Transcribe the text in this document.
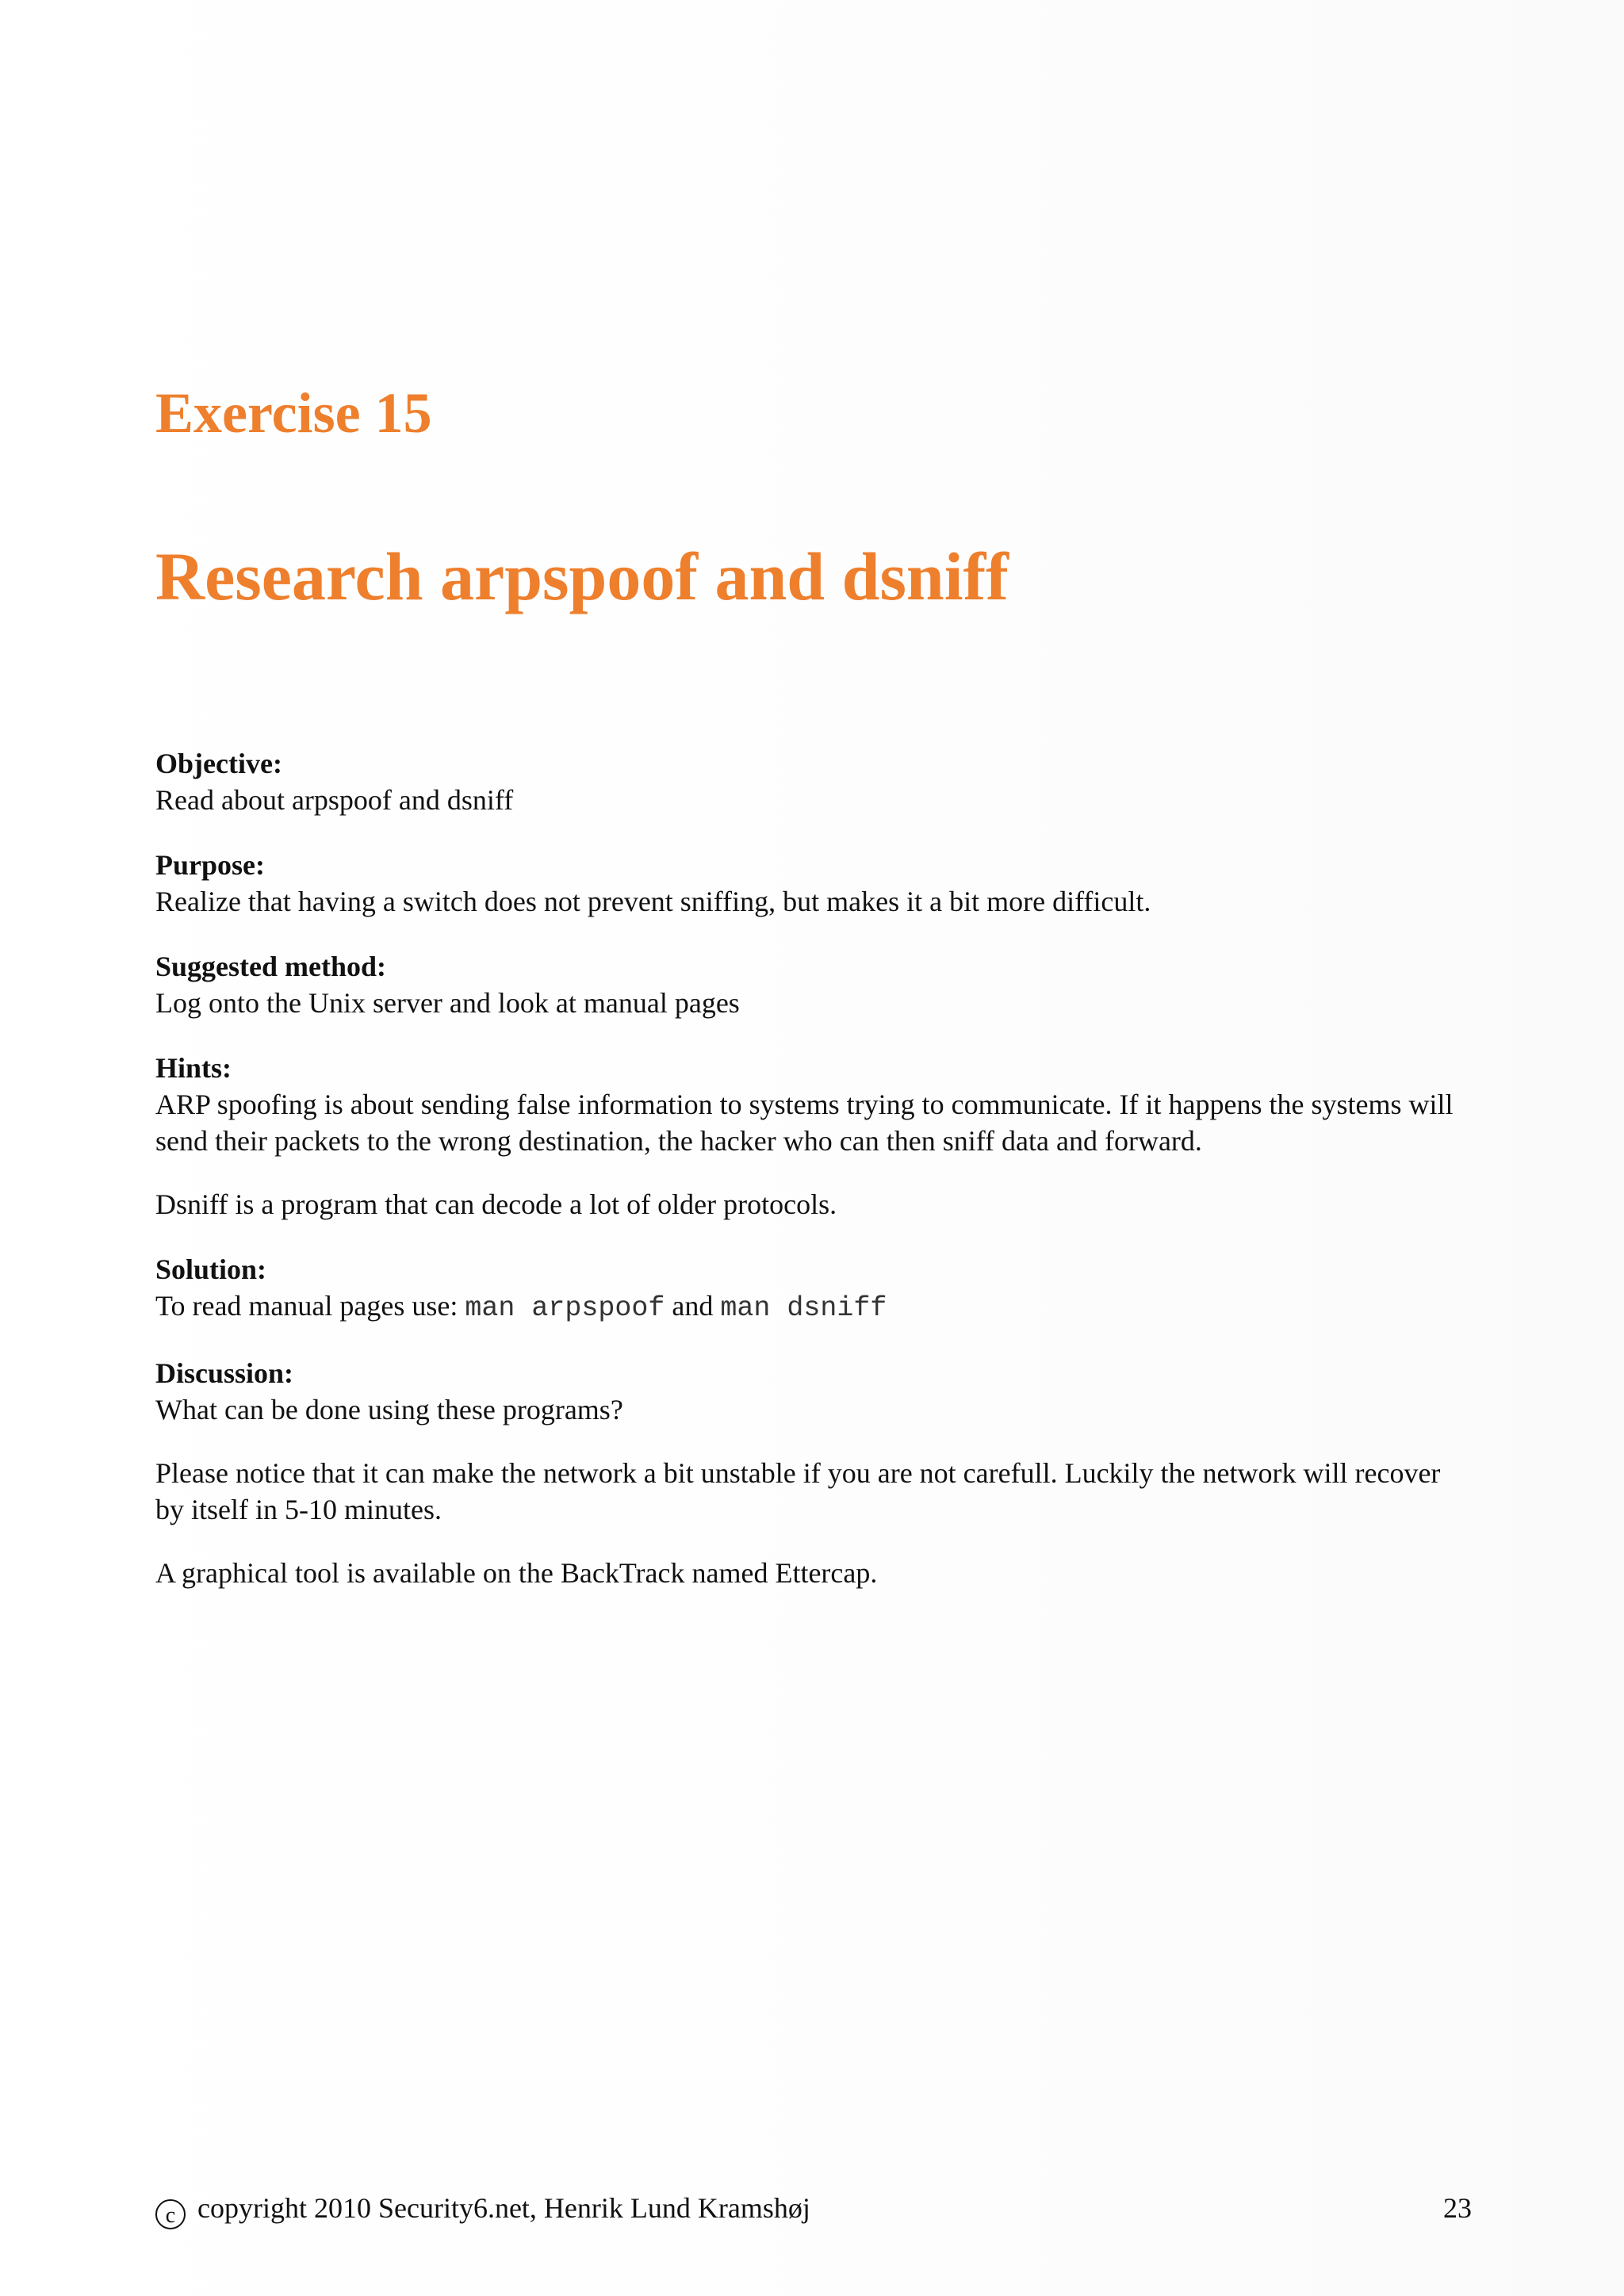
Exercise 15
Research arpspoof and dsniff
Objective:
Read about arpspoof and dsniff
Purpose:
Realize that having a switch does not prevent sniffing, but makes it a bit more difficult.
Suggested method:
Log onto the Unix server and look at manual pages
Hints:
ARP spoofing is about sending false information to systems trying to communicate. If it happens the systems will send their packets to the wrong destination, the hacker who can then sniff data and forward.
Dsniff is a program that can decode a lot of older protocols.
Solution:
To read manual pages use: man arpspoof and man dsniff
Discussion:
What can be done using these programs?
Please notice that it can make the network a bit unstable if you are not carefull. Luckily the network will recover by itself in 5-10 minutes.
A graphical tool is available on the BackTrack named Ettercap.
c copyright 2010 Security6.net, Henrik Lund Kramshøj	23
